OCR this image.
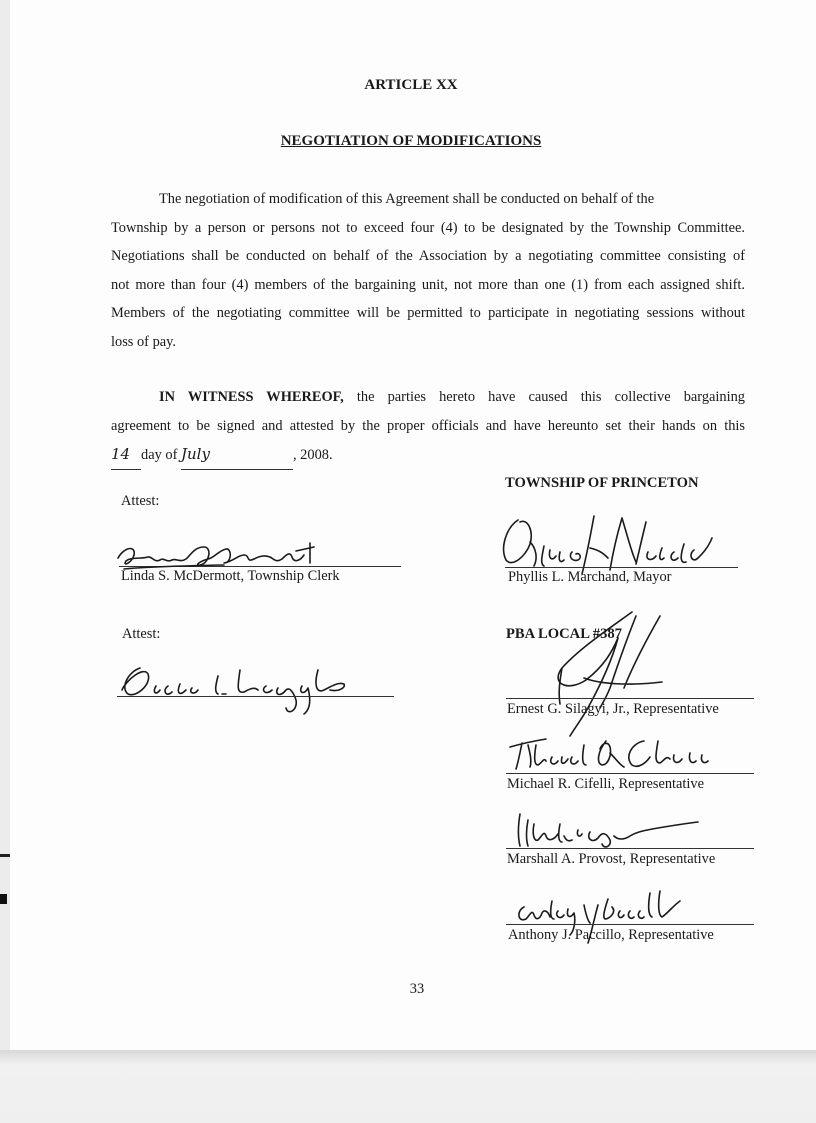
ARTICLE XX
NEGOTIATION OF MODIFICATIONS
The negotiation of modification of this Agreement shall be conducted on behalf of the
Township by a person or persons not to exceed four (4) to be designated by the Township Committee.
Negotiations shall be conducted on behalf of the Association by a negotiating committee consisting of
not more than four (4) members of the bargaining unit, not more than one (1) from each assigned shift.
Members of the negotiating committee will be permitted to participate in negotiating sessions without
loss of pay.
IN WITNESS WHEREOF, the parties hereto have caused this collective bargaining
agreement to be signed and attested by the proper officials and have hereunto set their hands on this
14 day of July	, 2008.
TOWNSHIP OF PRINCETON
Attest:
Linda S. McDermott, Township Clerk	Phyllis L. Marchand, Mayor
Attest:	PBA LOCAL #387
Ernest G. Silagyi, Jr., Representative
Michael R. Cifelli, Representative
Marshall A. Provost, Representative
Anthony J. Paccillo, Representative
33
